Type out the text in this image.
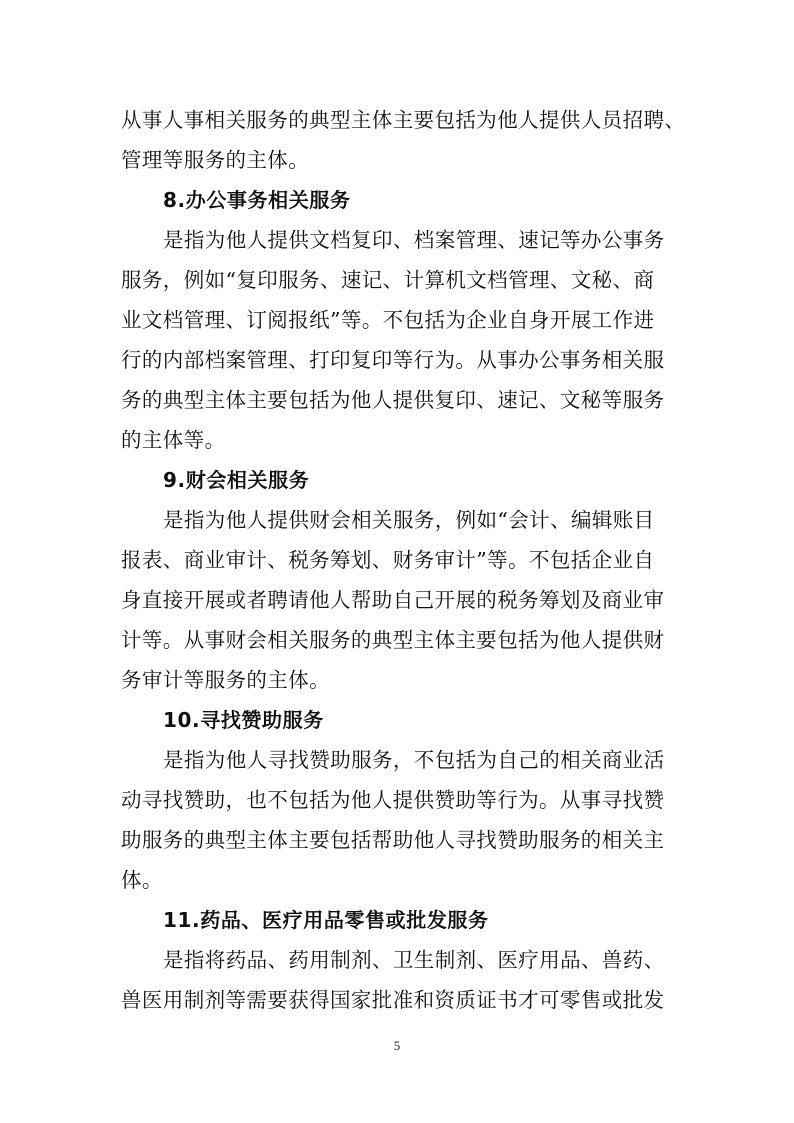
从事人事相关服务的典型主体主要包括为他人提供人员招聘、
管理等服务的主体。
8.办公事务相关服务
是指为他人提供文档复印、档案管理、速记等办公事务
服务，例如“复印服务、速记、计算机文档管理、文秘、商
业文档管理、订阅报纸”等。不包括为企业自身开展工作进
行的内部档案管理、打印复印等行为。从事办公事务相关服
务的典型主体主要包括为他人提供复印、速记、文秘等服务
的主体等。
9.财会相关服务
是指为他人提供财会相关服务，例如“会计、编辑账目
报表、商业审计、税务筹划、财务审计”等。不包括企业自
身直接开展或者聘请他人帮助自己开展的税务筹划及商业审
计等。从事财会相关服务的典型主体主要包括为他人提供财
务审计等服务的主体。
10.寻找赞助服务
是指为他人寻找赞助服务，不包括为自己的相关商业活
动寻找赞助，也不包括为他人提供赞助等行为。从事寻找赞
助服务的典型主体主要包括帮助他人寻找赞助服务的相关主
体。
11.药品、医疗用品零售或批发服务
是指将药品、药用制剂、卫生制剂、医疗用品、兽药、
兽医用制剂等需要获得国家批准和资质证书才可零售或批发
5
